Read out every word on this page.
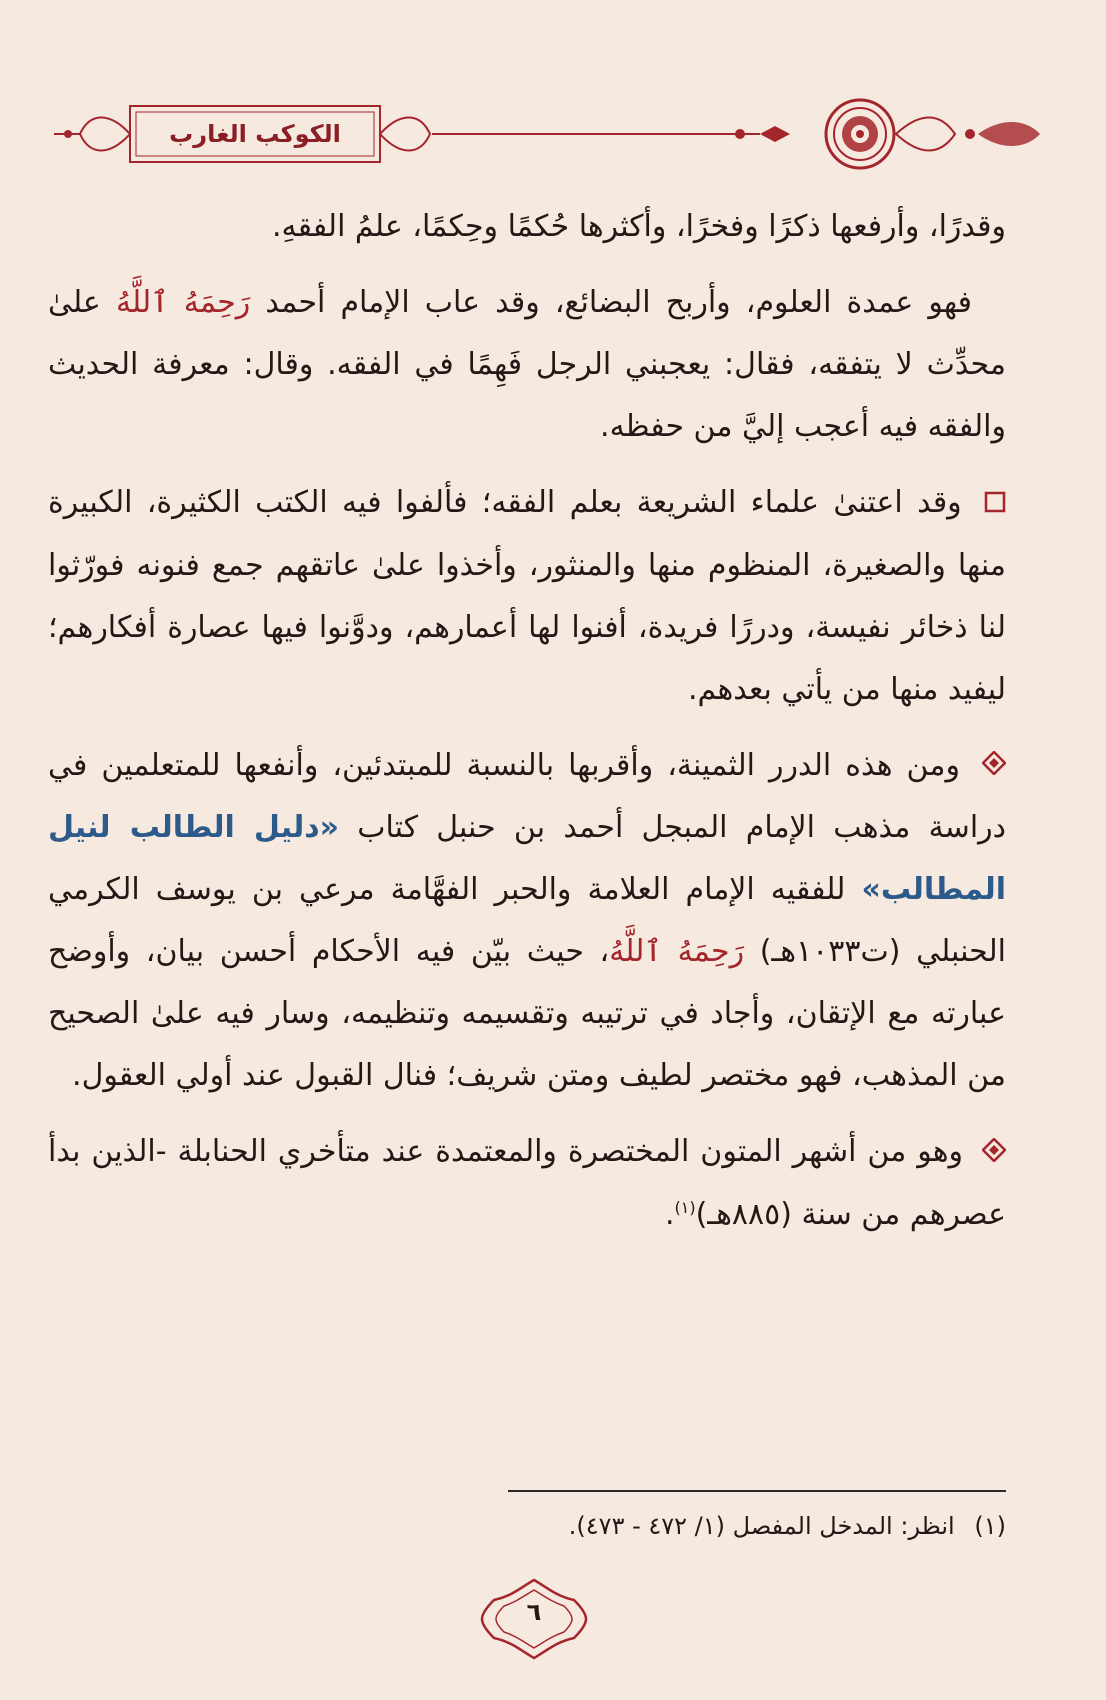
الكوكب الغارب

وقدرًا، وأرفعها ذكرًا وفخرًا، وأكثرها حُكمًا وحِكمًا، علمُ الفقهِ.

فهو عمدة العلوم، وأربح البضائع، وقد عاب الإمام أحمد رَحِمَهُ ٱللَّهُ علىٰ محدِّث لا يتفقه، فقال: يعجبني الرجل فَهِمًا في الفقه. وقال: معرفة الحديث والفقه فيه أعجب إليَّ من حفظه.

وقد اعتنىٰ علماء الشريعة بعلم الفقه؛ فألفوا فيه الكتب الكثيرة، الكبيرة منها والصغيرة، المنظوم منها والمنثور، وأخذوا علىٰ عاتقهم جمع فنونه فورّثوا لنا ذخائر نفيسة، ودررًا فريدة، أفنوا لها أعمارهم، ودوَّنوا فيها عصارة أفكارهم؛ ليفيد منها من يأتي بعدهم.

ومن هذه الدرر الثمينة، وأقربها بالنسبة للمبتدئين، وأنفعها للمتعلمين في دراسة مذهب الإمام المبجل أحمد بن حنبل كتاب «دليل الطالب لنيل المطالب» للفقيه الإمام العلامة والحبر الفهَّامة مرعي بن يوسف الكرمي الحنبلي (ت١٠٣٣هـ) رَحِمَهُ ٱللَّهُ، حيث بيّن فيه الأحكام أحسن بيان، وأوضح عبارته مع الإتقان، وأجاد في ترتيبه وتقسيمه وتنظيمه، وسار فيه علىٰ الصحيح من المذهب، فهو مختصر لطيف ومتن شريف؛ فنال القبول عند أولي العقول.

وهو من أشهر المتون المختصرة والمعتمدة عند متأخري الحنابلة -الذين بدأ عصرهم من سنة (٨٨٥هـ)$^{(١)}$.

(١) انظر: المدخل المفصل (١/ ٤٧٢ - ٤٧٣).
٦
